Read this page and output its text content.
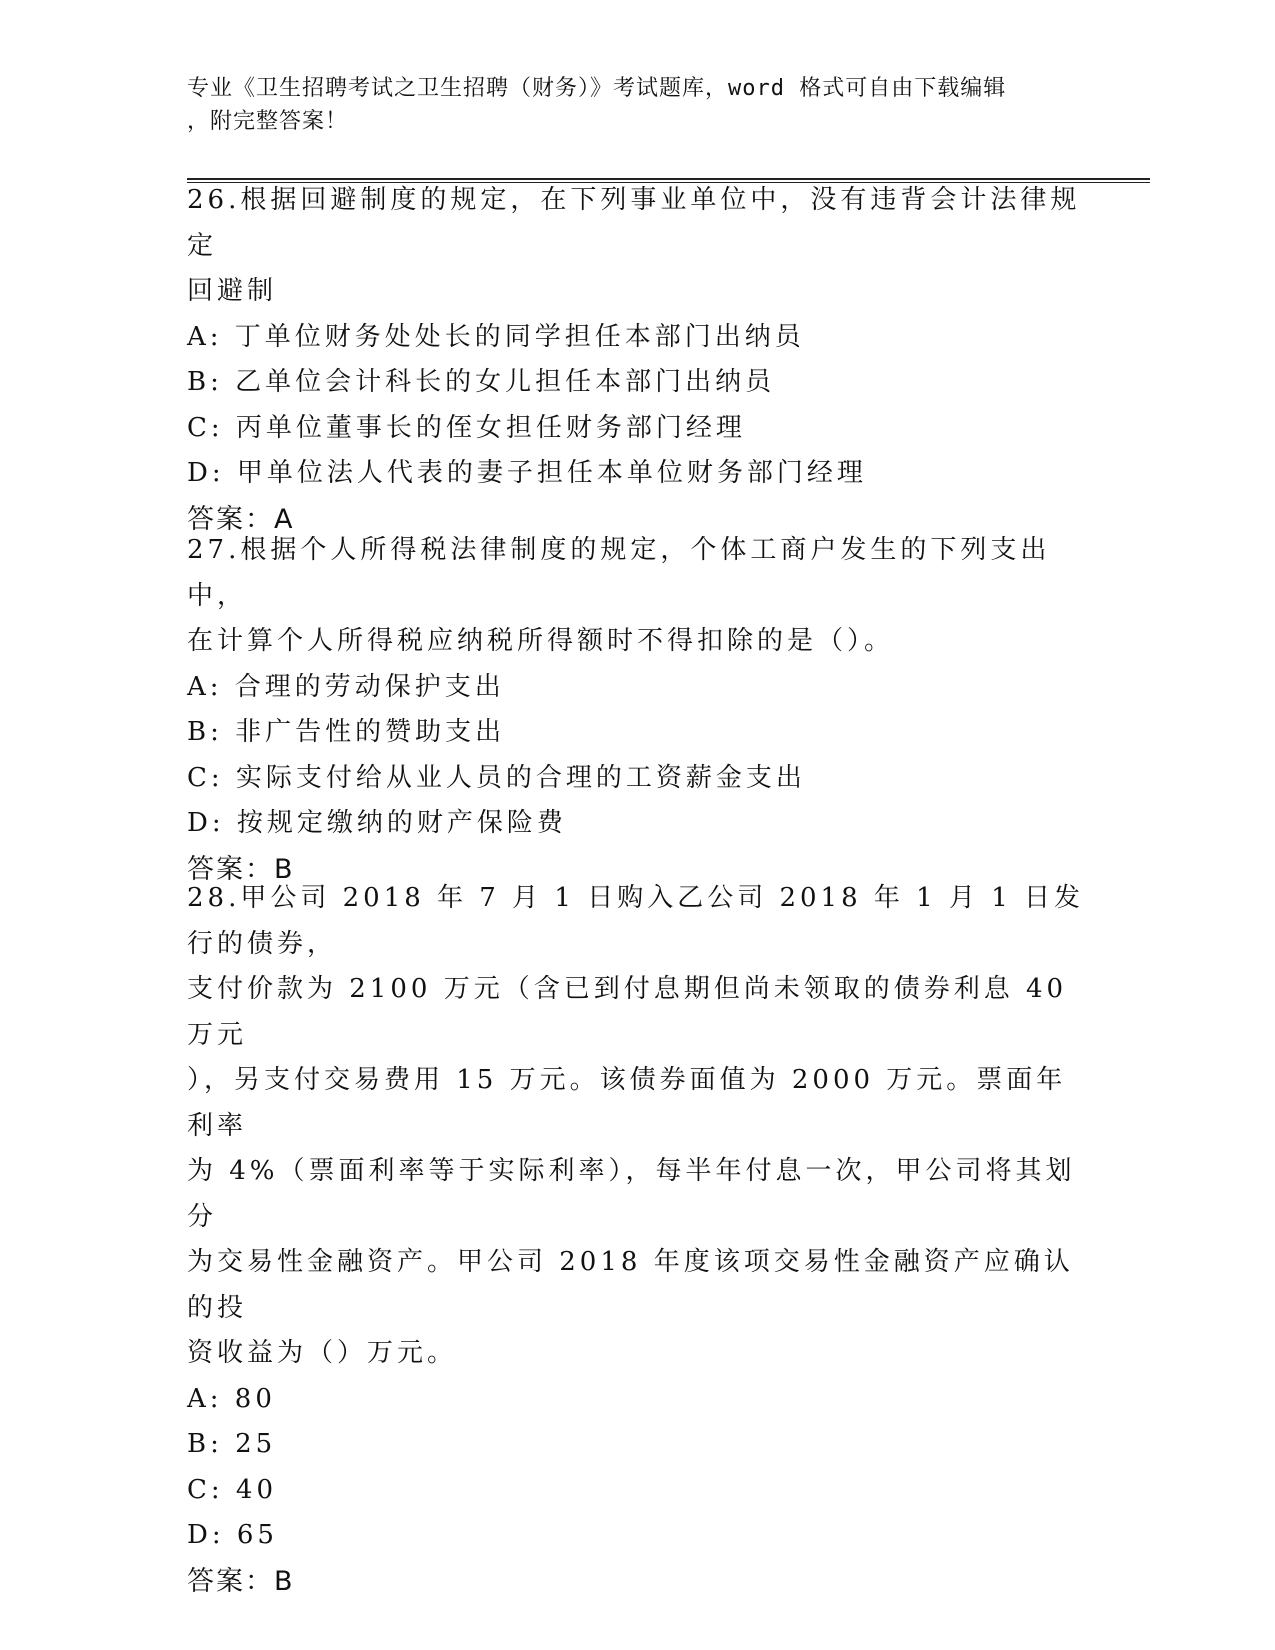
专业《卫生招聘考试之卫生招聘（财务）》考试题库，word 格式可自由下载编辑
，附完整答案！
26.根据回避制度的规定，在下列事业单位中，没有违背会计法律规定
回避制
A: 丁单位财务处处长的同学担任本部门出纳员
B: 乙单位会计科长的女儿担任本部门出纳员
C: 丙单位董事长的侄女担任财务部门经理
D: 甲单位法人代表的妻子担任本单位财务部门经理
答案：A
27.根据个人所得税法律制度的规定，个体工商户发生的下列支出中，
在计算个人所得税应纳税所得额时不得扣除的是（）。
A: 合理的劳动保护支出
B: 非广告性的赞助支出
C: 实际支付给从业人员的合理的工资薪金支出
D: 按规定缴纳的财产保险费
答案：B
28.甲公司 2018 年 7 月 1 日购入乙公司 2018 年 1 月 1 日发行的债券，
支付价款为 2100 万元（含已到付息期但尚未领取的债券利息 40 万元
），另支付交易费用 15 万元。该债券面值为 2000 万元。票面年利率
为 4%（票面利率等于实际利率），每半年付息一次，甲公司将其划分
为交易性金融资产。甲公司 2018 年度该项交易性金融资产应确认的投
资收益为（）万元。
A: 80
B: 25
C: 40
D: 65
答案：B
